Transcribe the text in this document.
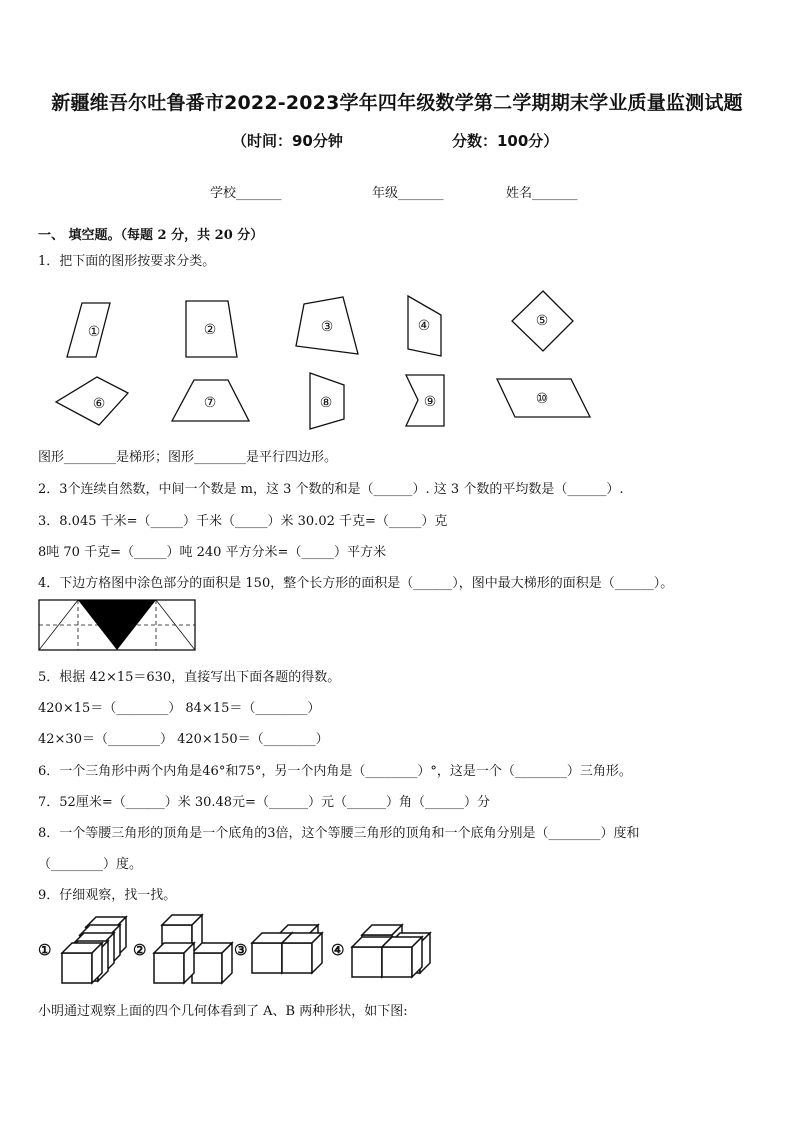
新疆维吾尔吐鲁番市2022-2023学年四年级数学第二学期期末学业质量监测试题
（时间：90分钟	分数：100分）
学校_______	年级_______	姓名_______
一、 填空题。（每题 2 分，共 20 分）
1．把下面的图形按要求分类。
①	②	③	④	⑤
⑥	⑦	⑧	⑨	⑩
图形________是梯形；图形________是平行四边形。
2．3个连续自然数，中间一个数是 m，这 3 个数的和是（______）. 这 3 个数的平均数是（______）.
3．8.045 千米=（_____）千米（_____）米 30.02 千克=（_____）克
8吨 70 千克=（_____）吨 240 平方分米=（_____）平方米
4．下边方格图中涂色部分的面积是 150，整个长方形的面积是（______），图中最大梯形的面积是（______）。
5．根据 42×15＝630，直接写出下面各题的得数。
420×15＝（________） 84×15＝（________）
42×30＝（________） 420×150＝（________）
6．一个三角形中两个内角是46°和75°，另一个内角是（________）°，这是一个（________）三角形。
7．52厘米=（______）米 30.48元=（______）元（______）角（______）分
8．一个等腰三角形的顶角是一个底角的3倍，这个等腰三角形的顶角和一个底角分别是（________）度和
（________）度。
9．仔细观察，找一找。
①	②	③	④
小明通过观察上面的四个几何体看到了 A、B 两种形状，如下图:
